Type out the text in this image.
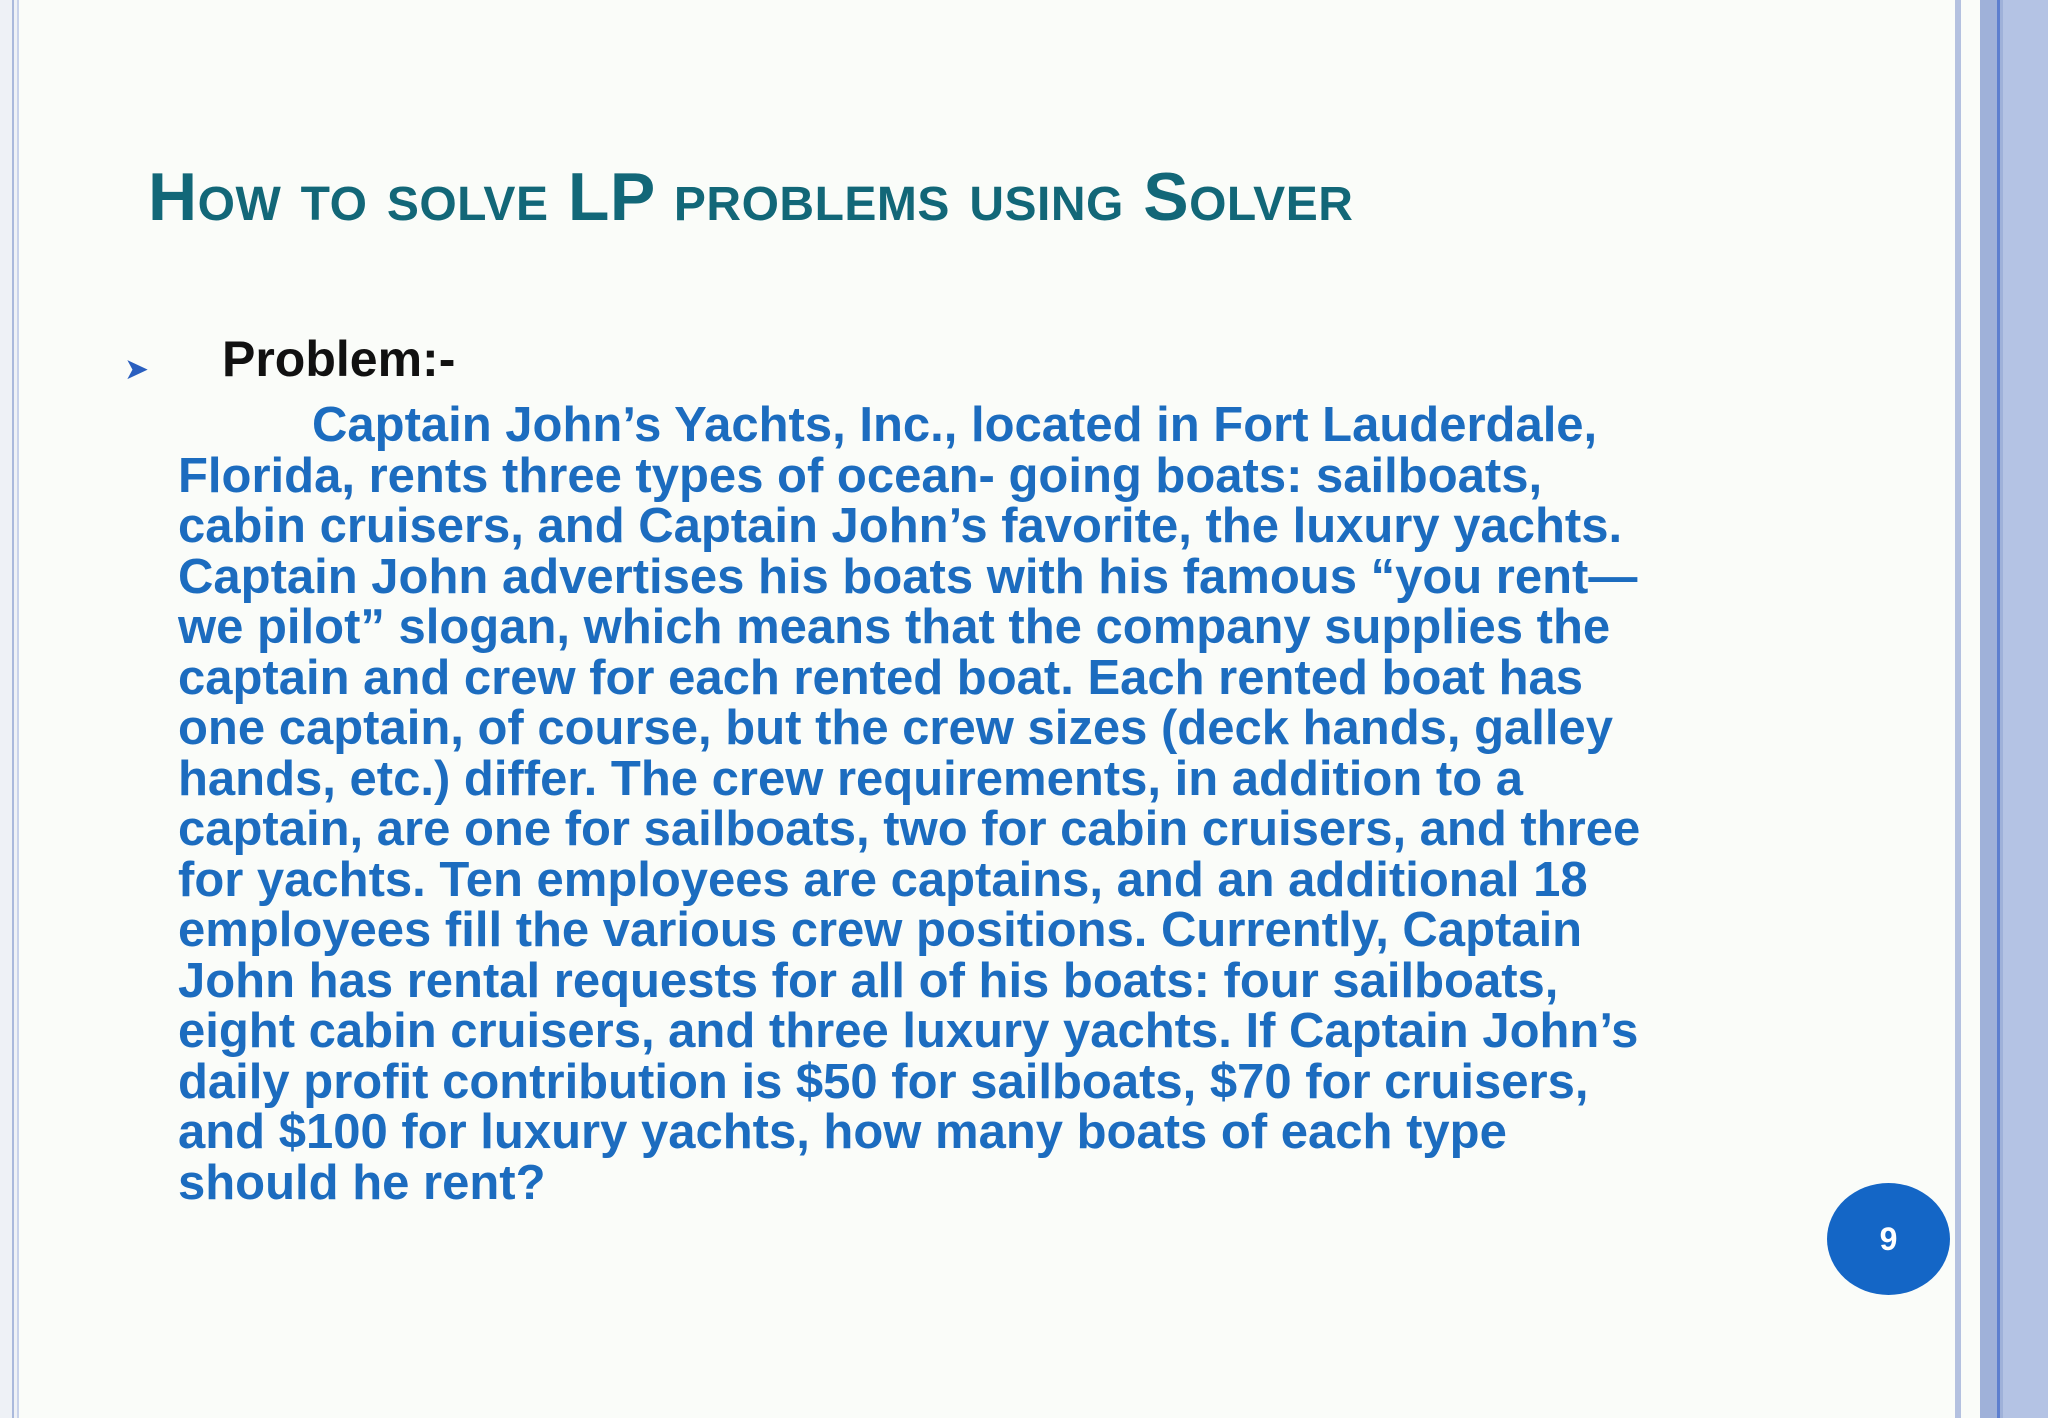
How to solve LP problems using Solver
➤ Problem:-
Captain John’s Yachts, Inc., located in Fort Lauderdale,
Florida, rents three types of ocean- going boats: sailboats,
cabin cruisers, and Captain John’s favorite, the luxury yachts.
Captain John advertises his boats with his famous “you rent—
we pilot” slogan, which means that the company supplies the
captain and crew for each rented boat. Each rented boat has
one captain, of course, but the crew sizes (deck hands, galley
hands, etc.) differ. The crew requirements, in addition to a
captain, are one for sailboats, two for cabin cruisers, and three
for yachts. Ten employees are captains, and an additional 18
employees fill the various crew positions. Currently, Captain
John has rental requests for all of his boats: four sailboats,
eight cabin cruisers, and three luxury yachts. If Captain John’s
daily profit contribution is $50 for sailboats, $70 for cruisers,
and $100 for luxury yachts, how many boats of each type
should he rent?
9
